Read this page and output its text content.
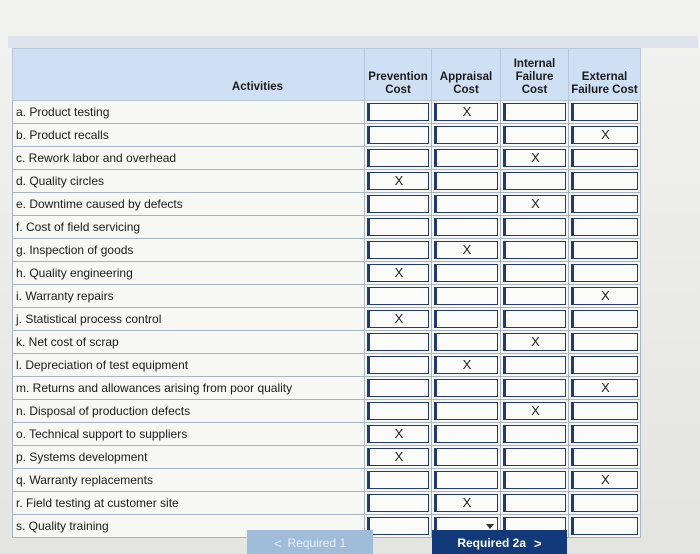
Activities	Prevention Cost	Appraisal Cost	Internal Failure Cost	External Failure Cost
a. Product testing		X		

b. Product recalls				X

c. Rework labor and overhead			X	

d. Quality circles	X			

e. Downtime caused by defects			X	

f. Cost of field servicing	

g. Inspection of goods		X		

h. Quality engineering	X			

i. Warranty repairs				X

j. Statistical process control	X			

k. Net cost of scrap			X	

l. Depreciation of test equipment		X		

m. Returns and allowances arising from poor quality				X

n. Disposal of production defects			X	

o. Technical support to suppliers	X			

p. Systems development	X			

q. Warranty replacements				X

r. Field testing at customer site		X		

s. Quality training	

< Required 1	Required 2a >
